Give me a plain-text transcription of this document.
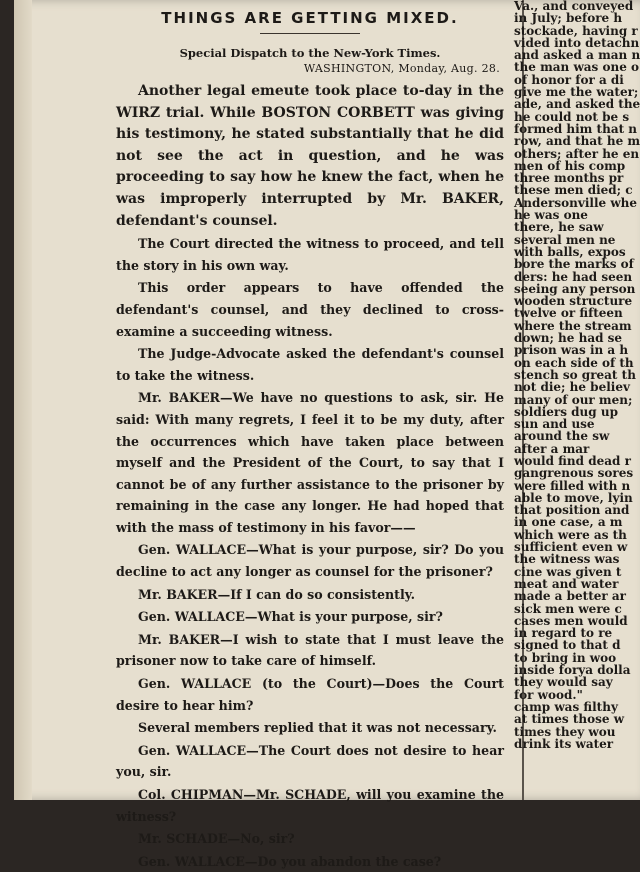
THINGS ARE GETTING MIXED.
Special Dispatch to the New-York Times.
WASHINGTON, Monday, Aug. 28.

Another legal emeute took place to-day in the WIRZ trial. While BOSTON CORBETT was giving his testimony, he stated substantially that he did not see the act in question, and he was proceeding to say how he knew the fact, when he was improperly interrupted by Mr. BAKER, defendant's counsel.

The Court directed the witness to proceed, and tell the story in his own way.

This order appears to have offended the defendant's counsel, and they declined to cross-examine a succeeding witness.

The Judge-Advocate asked the defendant's counsel to take the witness.

Mr. BAKER—We have no questions to ask, sir. He said: With many regrets, I feel it to be my duty, after the occurrences which have taken place between myself and the President of the Court, to say that I cannot be of any further assistance to the prisoner by remaining in the case any longer. He had hoped that with the mass of testimony in his favor——

Gen. WALLACE—What is your purpose, sir? Do you decline to act any longer as counsel for the prisoner?

Mr. BAKER—If I can do so consistently.

Gen. WALLACE—What is your purpose, sir?

Mr. BAKER—I wish to state that I must leave the prisoner now to take care of himself.

Gen. WALLACE (to the Court)—Does the Court desire to hear him?

Several members replied that it was not necessary.

Gen. WALLACE—The Court does not desire to hear you, sir.

Col. CHIPMAN—Mr. SCHADE, will you examine the witness?

Mr. SCHADE—No, sir?

Gen. WALLACE—Do you abandon the case?

Va., and conveyed
in July; before h
stockade, having r
vided into detachn
and asked a man n
the man was one o
of honor for a di
give me the water;
ade, and asked the
he could not be s
formed him that n
row, and that he m
others; after he en
men of his comp
three months pr
these men died; c
Andersonville whe
he was one
there, he saw
several men ne
with balls, expos
bore the marks of
ders: he had seen
seeing any person
wooden structure
twelve or fifteen
where the stream
down; he had se
prison was in a h
on each side of th
stench so great th
not die; he believ
many of our men;
soldiers dug up
sun and use
around the sw
after a mar
would find dead r
gangrenous sores
were filled with n
able to move, lyin
that position and
in one case, a m
which were as th
sufficient even w
the witness was
cine was given t
meat and water
made a better ar
sick men were c
cases men would
in regard to re
signed to that d
to bring in woo
inside forya dolla
they would say
for wood."
camp was filthy
at times those w
times they wou
drink its water
